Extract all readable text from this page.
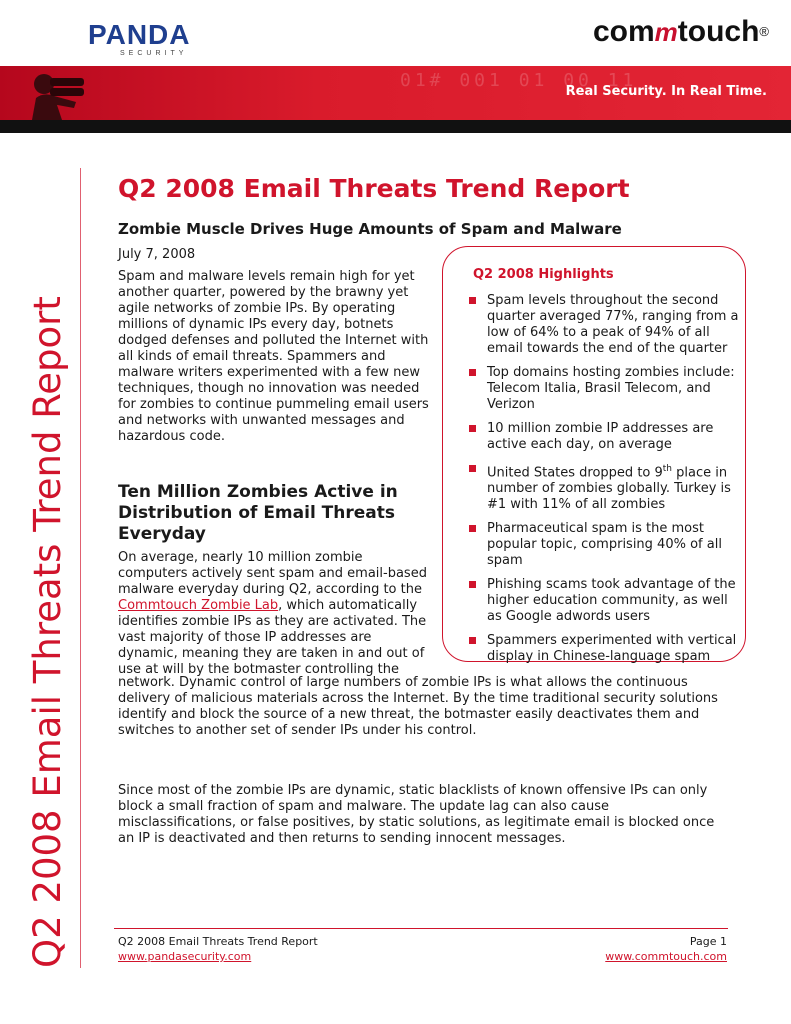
PANDA
SECURITY
commtouch®
01# 001 01 00 11
Real Security. In Real Time.
Q2 2008 Email Threats Trend Report
Q2 2008 Email Threats Trend Report
Zombie Muscle Drives Huge Amounts of Spam and Malware
July 7, 2008

Spam and malware levels remain high for yet another quarter, powered by the brawny yet agile networks of zombie IPs. By operating millions of dynamic IPs every day, botnets dodged defenses and polluted the Internet with all kinds of email threats. Spammers and malware writers experimented with a few new techniques, though no innovation was needed for zombies to continue pummeling email users and networks with unwanted messages and hazardous code.

Ten Million Zombies Active in Distribution of Email Threats Everyday

On average, nearly 10 million zombie computers actively sent spam and email-based malware everyday during Q2, according to the Commtouch Zombie Lab, which automatically identifies zombie IPs as they are activated. The vast majority of those IP addresses are dynamic, meaning they are taken in and out of use at will by the botmaster controlling the

network. Dynamic control of large numbers of zombie IPs is what allows the continuous delivery of malicious materials across the Internet. By the time traditional security solutions identify and block the source of a new threat, the botmaster easily deactivates them and switches to another set of sender IPs under his control.

Since most of the zombie IPs are dynamic, static blacklists of known offensive IPs can only block a small fraction of spam and malware. The update lag can also cause misclassifications, or false positives, by static solutions, as legitimate email is blocked once an IP is deactivated and then returns to sending innocent messages.

Q2 2008 Highlights
Spam levels throughout the second quarter averaged 77%, ranging from a low of 64% to a peak of 94% of all email towards the end of the quarter
Top domains hosting zombies include: Telecom Italia, Brasil Telecom, and Verizon
10 million zombie IP addresses are active each day, on average
United States dropped to 9th place in number of zombies globally. Turkey is #1 with 11% of all zombies
Pharmaceutical spam is the most popular topic, comprising 40% of all spam
Phishing scams took advantage of the higher education community, as well as Google adwords users
Spammers experimented with vertical display in Chinese-language spam
Q2 2008 Email Threats Trend Report
www.pandasecurity.com
Page 1
www.commtouch.com
